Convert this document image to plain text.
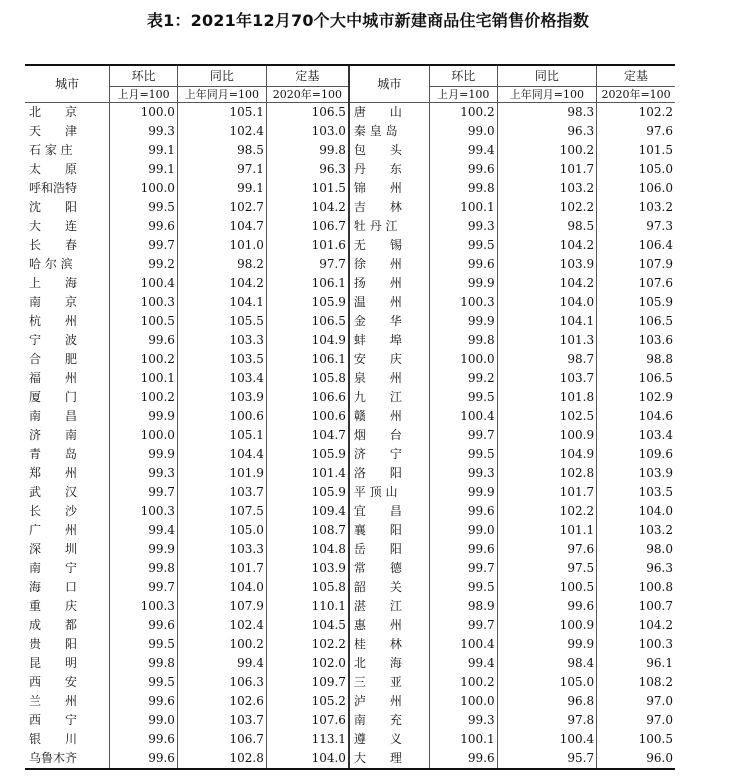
表1：2021年12月70个大中城市新建商品住宅销售价格指数
城市	环比	同比	定基	城市	环比	同比	定基
	上月=100	上年同月=100	2020年=100		上月=100	上年同月=100	2020年=100
北　　京	100.0	105.1	106.5	唐　　山	100.2	98.3	102.2
天　　津	99.3	102.4	103.0	秦 皇 岛	99.0	96.3	97.6
石 家 庄	99.1	98.5	99.8	包　　头	99.4	100.2	101.5
太　　原	99.1	97.1	96.3	丹　　东	99.6	101.7	105.0
呼和浩特	100.0	99.1	101.5	锦　　州	99.8	103.2	106.0
沈　　阳	99.5	102.7	104.2	吉　　林	100.1	102.2	103.2
大　　连	99.6	104.7	106.7	牡 丹 江	99.3	98.5	97.3
长　　春	99.7	101.0	101.6	无　　锡	99.5	104.2	106.4
哈 尔 滨	99.2	98.2	97.7	徐　　州	99.6	103.9	107.9
上　　海	100.4	104.2	106.1	扬　　州	99.9	104.2	107.6
南　　京	100.3	104.1	105.9	温　　州	100.3	104.0	105.9
杭　　州	100.5	105.5	106.5	金　　华	99.9	104.1	106.5
宁　　波	99.6	103.3	104.9	蚌　　埠	99.8	101.3	103.6
合　　肥	100.2	103.5	106.1	安　　庆	100.0	98.7	98.8
福　　州	100.1	103.4	105.8	泉　　州	99.2	103.7	106.5
厦　　门	100.2	103.9	106.6	九　　江	99.5	101.8	102.9
南　　昌	99.9	100.6	100.6	赣　　州	100.4	102.5	104.6
济　　南	100.0	105.1	104.7	烟　　台	99.7	100.9	103.4
青　　岛	99.9	104.4	105.9	济　　宁	99.5	104.9	109.6
郑　　州	99.3	101.9	101.4	洛　　阳	99.3	102.8	103.9
武　　汉	99.7	103.7	105.9	平 顶 山	99.9	101.7	103.5
长　　沙	100.3	107.5	109.4	宜　　昌	99.6	102.2	104.0
广　　州	99.4	105.0	108.7	襄　　阳	99.0	101.1	103.2
深　　圳	99.9	103.3	104.8	岳　　阳	99.6	97.6	98.0
南　　宁	99.8	101.7	103.9	常　　德	99.7	97.5	96.3
海　　口	99.7	104.0	105.8	韶　　关	99.5	100.5	100.8
重　　庆	100.3	107.9	110.1	湛　　江	98.9	99.6	100.7
成　　都	99.6	102.4	104.5	惠　　州	99.7	100.9	104.2
贵　　阳	99.5	100.2	102.2	桂　　林	100.4	99.9	100.3
昆　　明	99.8	99.4	102.0	北　　海	99.4	98.4	96.1
西　　安	99.5	106.3	109.7	三　　亚	100.2	105.0	108.2
兰　　州	99.6	102.6	105.2	泸　　州	100.0	96.8	97.0
西　　宁	99.0	103.7	107.6	南　　充	99.3	97.8	97.0
银　　川	99.6	106.7	113.1	遵　　义	100.1	100.4	100.5
乌鲁木齐	99.6	102.8	104.0	大　　理	99.6	95.7	96.0
